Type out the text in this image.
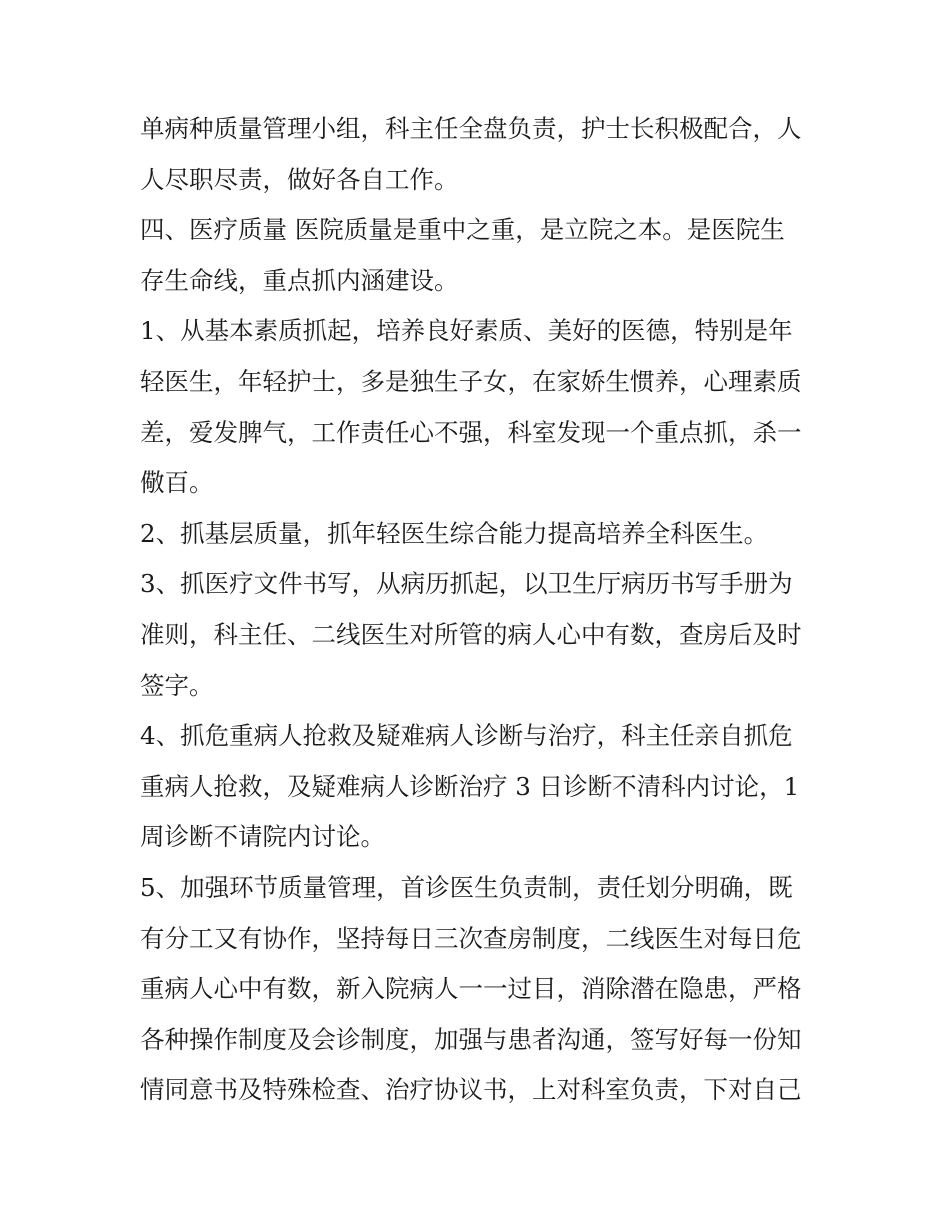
单病种质量管理小组，科主任全盘负责，护士长积极配合，人
人尽职尽责，做好各自工作。
四、医疗质量 医院质量是重中之重，是立院之本。是医院生
存生命线，重点抓内涵建设。
1、从基本素质抓起，培养良好素质、美好的医德，特别是年
轻医生，年轻护士，多是独生子女，在家娇生惯养，心理素质
差，爱发脾气，工作责任心不强，科室发现一个重点抓，杀一
儆百。
2、抓基层质量，抓年轻医生综合能力提高培养全科医生。
3、抓医疗文件书写，从病历抓起，以卫生厅病历书写手册为
准则，科主任、二线医生对所管的病人心中有数，查房后及时
签字。
4、抓危重病人抢救及疑难病人诊断与治疗，科主任亲自抓危
重病人抢救，及疑难病人诊断治疗 3 日诊断不清科内讨论，1
周诊断不请院内讨论。
5、加强环节质量管理，首诊医生负责制，责任划分明确，既
有分工又有协作，坚持每日三次查房制度，二线医生对每日危
重病人心中有数，新入院病人一一过目，消除潜在隐患，严格
各种操作制度及会诊制度，加强与患者沟通，签写好每一份知
情同意书及特殊检查、治疗协议书，上对科室负责，下对自己
